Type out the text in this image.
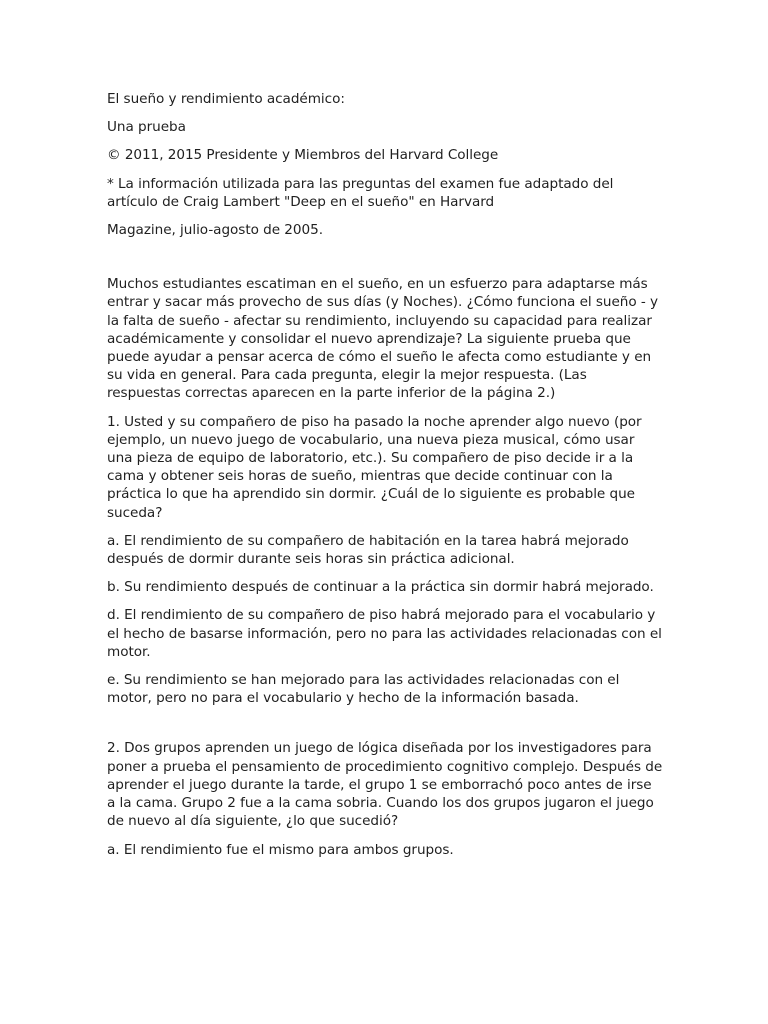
El sueño y rendimiento académico:

Una prueba

© 2011, 2015 Presidente y Miembros del Harvard College

* La información utilizada para las preguntas del examen fue adaptado del artículo de Craig Lambert "Deep en el sueño" en Harvard

Magazine, julio-agosto de 2005.

Muchos estudiantes escatiman en el sueño, en un esfuerzo para adaptarse más entrar y sacar más provecho de sus días (y Noches). ¿Cómo funciona el sueño - y la falta de sueño - afectar su rendimiento, incluyendo su capacidad para realizar académicamente y consolidar el nuevo aprendizaje? La siguiente prueba que puede ayudar a pensar acerca de cómo el sueño le afecta como estudiante y en su vida en general. Para cada pregunta, elegir la mejor respuesta. (Las respuestas correctas aparecen en la parte inferior de la página 2.)

1. Usted y su compañero de piso ha pasado la noche aprender algo nuevo (por ejemplo, un nuevo juego de vocabulario, una nueva pieza musical, cómo usar una pieza de equipo de laboratorio, etc.). Su compañero de piso decide ir a la cama y obtener seis horas de sueño, mientras que decide continuar con la práctica lo que ha aprendido sin dormir. ¿Cuál de lo siguiente es probable que suceda?

a. El rendimiento de su compañero de habitación en la tarea habrá mejorado después de dormir durante seis horas sin práctica adicional.

b. Su rendimiento después de continuar a la práctica sin dormir habrá mejorado.

d. El rendimiento de su compañero de piso habrá mejorado para el vocabulario y el hecho de basarse información, pero no para las actividades relacionadas con el motor.

e. Su rendimiento se han mejorado para las actividades relacionadas con el motor, pero no para el vocabulario y hecho de la información basada.

2. Dos grupos aprenden un juego de lógica diseñada por los investigadores para poner a prueba el pensamiento de procedimiento cognitivo complejo. Después de aprender el juego durante la tarde, el grupo 1 se emborrachó poco antes de irse a la cama. Grupo 2 fue a la cama sobria. Cuando los dos grupos jugaron el juego de nuevo al día siguiente, ¿lo que sucedió?

a. El rendimiento fue el mismo para ambos grupos.
